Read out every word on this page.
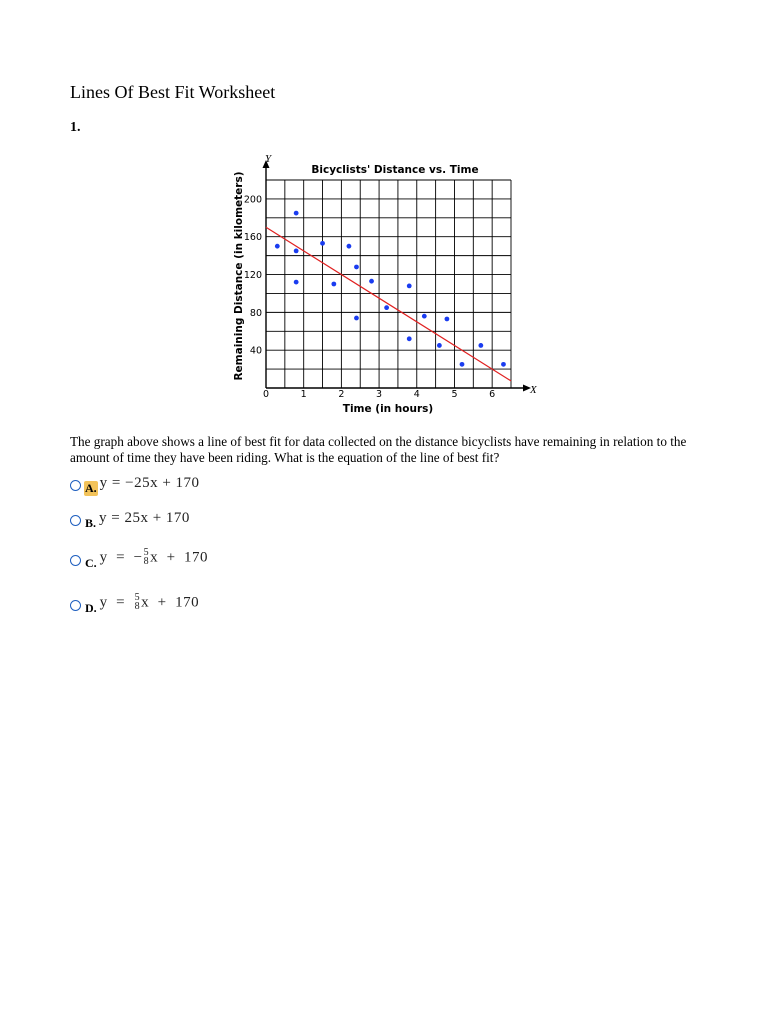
Lines Of Best Fit Worksheet
1.
0	1	2	3	4	5	6
40
80
120
160
200
Bicyclists' Distance vs. Time
Time (in hours)
Remaining Distance (in kilometers)
X
Y
The graph above shows a line of best fit for data collected on the distance bicyclists have remaining in relation to the amount of time they have been riding. What is the equation of the line of best fit?
A. y = −25x + 170
B. y = 25x + 170
C. y  =  − 5
8 x  +  170
D. y  = 5
8 x  +  170
